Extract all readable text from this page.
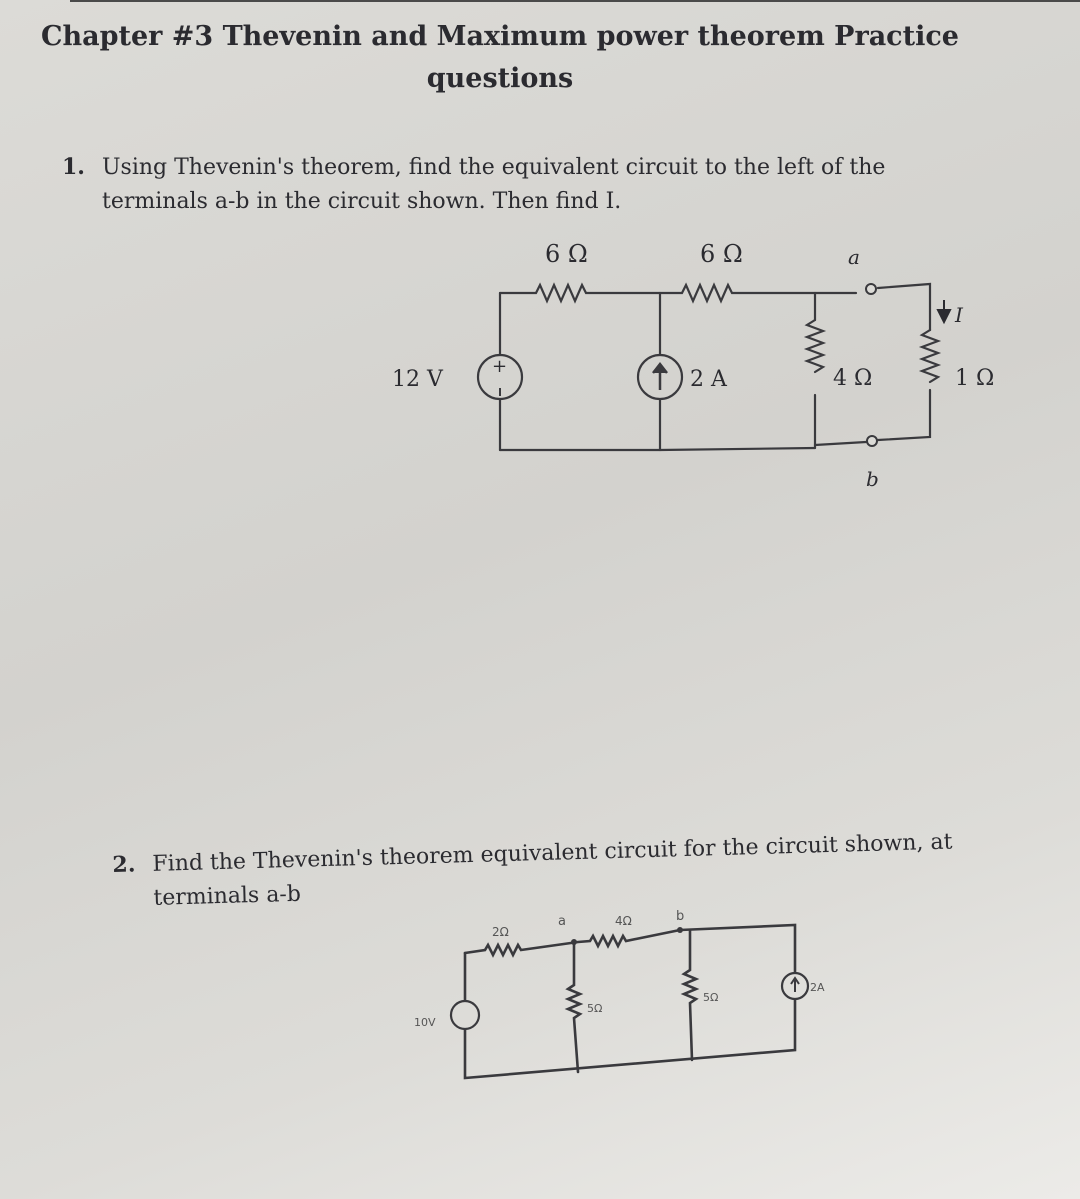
Chapter #3 Thevenin and Maximum power theorem Practice
questions
1. Using Thevenin's theorem, find the equivalent circuit to the left of the
terminals a-b in the circuit shown. Then find I.
6 Ω	6 Ω
4 Ω	1 Ω
12 V
+
2 A
a
b
I
2. Find the Thevenin's theorem equivalent circuit for the circuit shown, at
terminals a-b
2Ω
a	4Ω	b
5Ω
5Ω
10V
2A
